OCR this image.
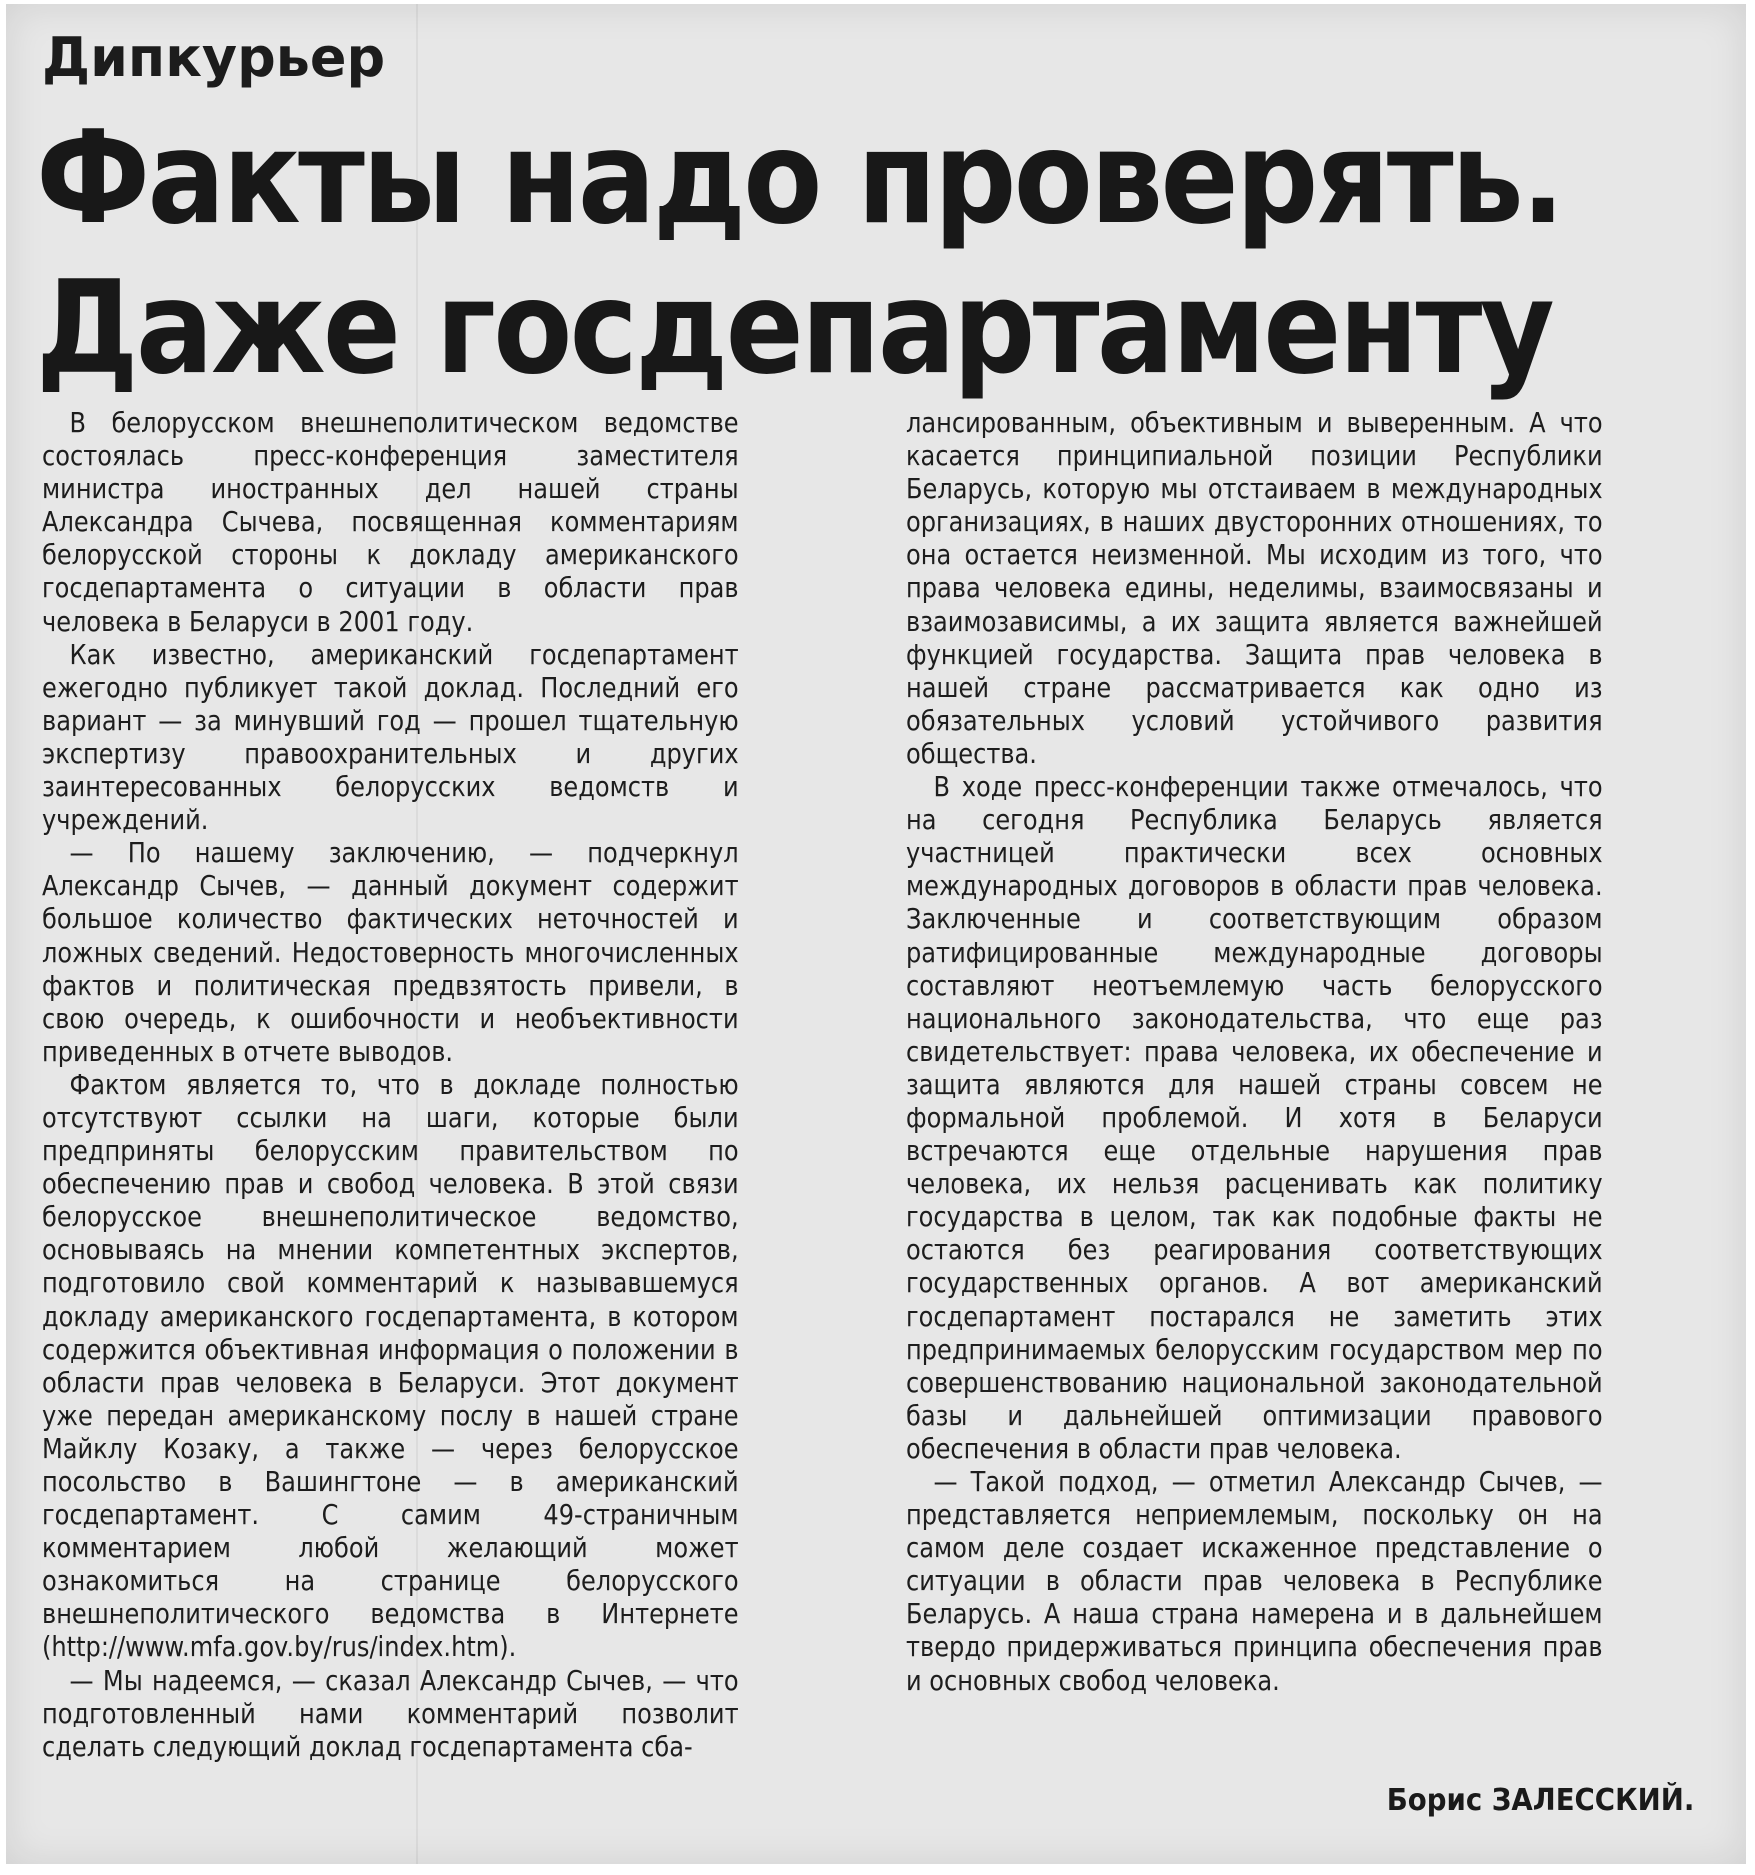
Дипкурьер
Факты надо проверять.
Даже госдепартаменту

В белорусском внешнеполитическом ведомстве состоялась пресс-конференция заместителя министра иностранных дел нашей страны Александра Сычева, посвященная комментариям белорусской стороны к докладу американского госдепартамента о ситуации в области прав человека в Беларуси в 2001 году.

Как известно, американский госдепартамент ежегодно публикует такой доклад. Последний его вариант — за минувший год — прошел тщательную экспертизу правоохранительных и других заинтересованных белорусских ведомств и учреждений.

— По нашему заключению, — подчеркнул Александр Сычев, — данный документ содержит большое количество фактических неточностей и ложных сведений. Недостоверность многочисленных фактов и политическая предвзятость привели, в свою очередь, к ошибочности и необъективности приведенных в отчете выводов.

Фактом является то, что в докладе полностью отсутствуют ссылки на шаги, которые были предприняты белорусским правительством по обеспечению прав и свобод человека. В этой связи белорусское внешнеполитическое ведомство, основываясь на мнении компетентных экспертов, подготовило свой комментарий к называвшемуся докладу американского госдепартамента, в котором содержится объективная информация о положении в области прав человека в Беларуси. Этот документ уже передан американскому послу в нашей стране Майклу Козаку, а также — через белорусское посольство в Вашингтоне — в американский госдепартамент. С самим 49-страничным комментарием любой желающий может ознакомиться на странице белорусского внешнеполитического ведомства в Интернете (http://www.mfa.gov.by/rus/index.htm).

— Мы надеемся, — сказал Александр Сычев, — что подготовленный нами комментарий позволит сделать следующий доклад госдепартамента сба-

лансированным, объективным и выверенным. А что касается принципиальной позиции Республики Беларусь, которую мы отстаиваем в международных организациях, в наших двусторонних отношениях, то она остается неизменной. Мы исходим из того, что права человека едины, неделимы, взаимосвязаны и взаимозависимы, а их защита является важнейшей функцией государства. Защита прав человека в нашей стране рассматривается как одно из обязательных условий устойчивого развития общества.

В ходе пресс-конференции также отмечалось, что на сегодня Республика Беларусь является участницей практически всех основных международных договоров в области прав человека. Заключенные и соответствующим образом ратифицированные международные договоры составляют неотъемлемую часть белорусского национального законодательства, что еще раз свидетельствует: права человека, их обеспечение и защита являются для нашей страны совсем не формальной проблемой. И хотя в Беларуси встречаются еще отдельные нарушения прав человека, их нельзя расценивать как политику государства в целом, так как подобные факты не остаются без реагирования соответствующих государственных органов. А вот американский госдепартамент постарался не заметить этих предпринимаемых белорусским государством мер по совершенствованию национальной законодательной базы и дальнейшей оптимизации правового обеспечения в области прав человека.

— Такой подход, — отметил Александр Сычев, — представляется неприемлемым, поскольку он на самом деле создает искаженное представление о ситуации в области прав человека в Республике Беларусь. А наша страна намерена и в дальнейшем твердо придерживаться принципа обеспечения прав и основных свобод человека.

Борис ЗАЛЕССКИЙ.
